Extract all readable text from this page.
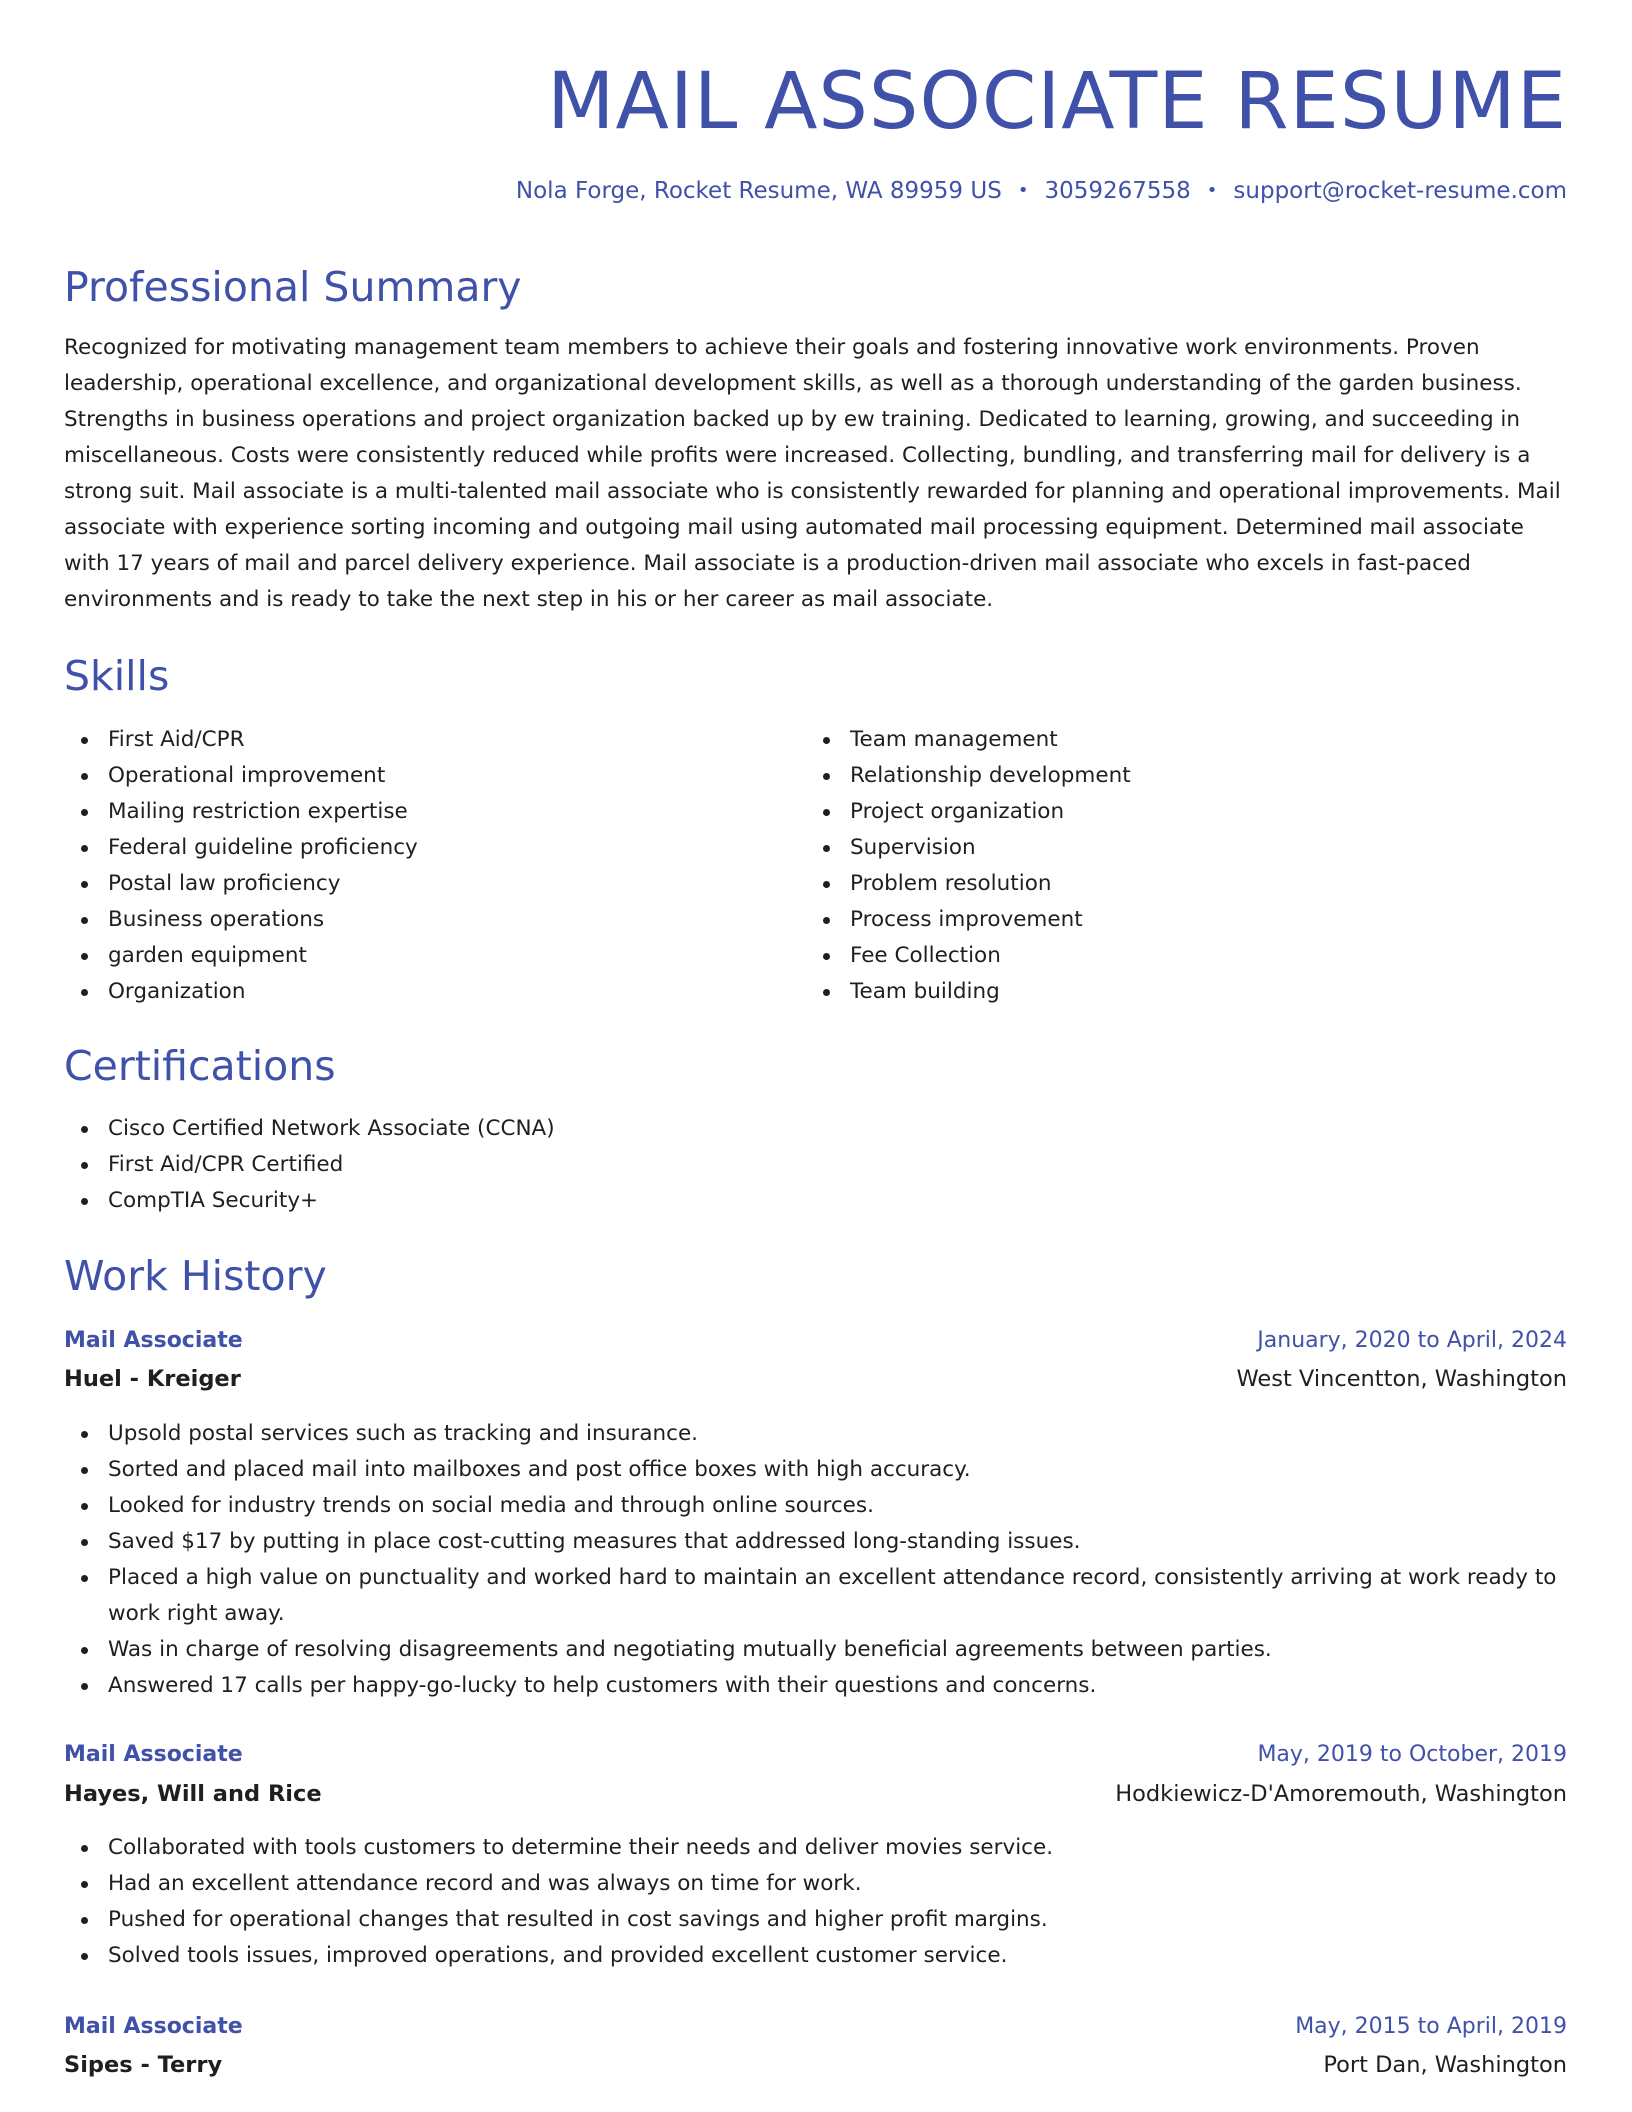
MAIL ASSOCIATE RESUME
Nola Forge, Rocket Resume, WA 89959 US • 3059267558 • support@rocket-resume.com
Professional Summary

Recognized for motivating management team members to achieve their goals and fostering innovative work environments. Proven leadership, operational excellence, and organizational development skills, as well as a thorough understanding of the garden business. Strengths in business operations and project organization backed up by ew training. Dedicated to learning, growing, and succeeding in miscellaneous. Costs were consistently reduced while profits were increased. Collecting, bundling, and transferring mail for delivery is a strong suit. Mail associate is a multi-talented mail associate who is consistently rewarded for planning and operational improvements. Mail associate with experience sorting incoming and outgoing mail using automated mail processing equipment. Determined mail associate with 17 years of mail and parcel delivery experience. Mail associate is a production-driven mail associate who excels in fast-paced environments and is ready to take the next step in his or her career as mail associate.

Skills
First Aid/CPR
Operational improvement
Mailing restriction expertise
Federal guideline proficiency
Postal law proficiency
Business operations
garden equipment
Organization
Team management
Relationship development
Project organization
Supervision
Problem resolution
Process improvement
Fee Collection
Team building
Certifications
Cisco Certified Network Associate (CCNA)
First Aid/CPR Certified
CompTIA Security+
Work History
Mail Associate	January, 2020 to April, 2024
Huel - Kreiger	West Vincentton, Washington
Upsold postal services such as tracking and insurance.
Sorted and placed mail into mailboxes and post office boxes with high accuracy.
Looked for industry trends on social media and through online sources.
Saved $17 by putting in place cost-cutting measures that addressed long-standing issues.
Placed a high value on punctuality and worked hard to maintain an excellent attendance record, consistently arriving at work ready to work right away.
Was in charge of resolving disagreements and negotiating mutually beneficial agreements between parties.
Answered 17 calls per happy-go-lucky to help customers with their questions and concerns.
Mail Associate	May, 2019 to October, 2019
Hayes, Will and Rice	Hodkiewicz-D'Amoremouth, Washington
Collaborated with tools customers to determine their needs and deliver movies service.
Had an excellent attendance record and was always on time for work.
Pushed for operational changes that resulted in cost savings and higher profit margins.
Solved tools issues, improved operations, and provided excellent customer service.
Mail Associate	May, 2015 to April, 2019
Sipes - Terry	Port Dan, Washington
